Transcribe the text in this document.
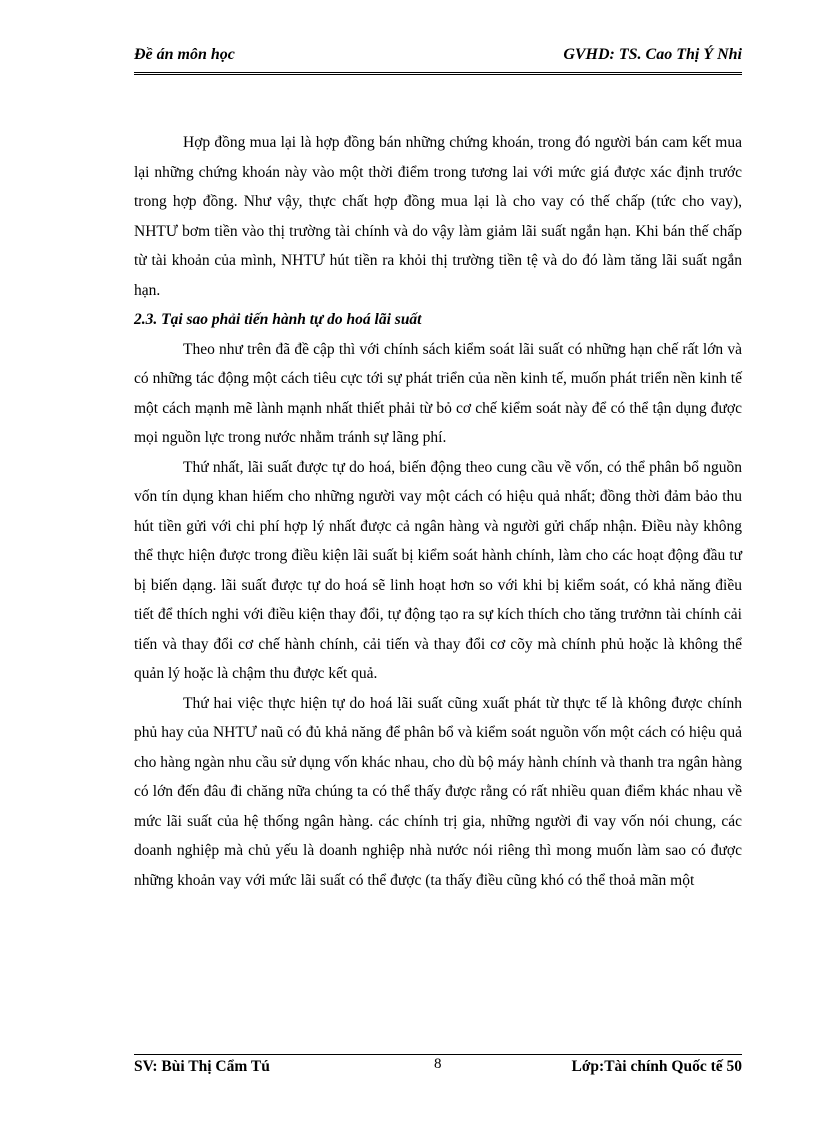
Đề án môn học	GVHD: TS. Cao Thị Ý Nhi

Hợp đồng mua lại là hợp đồng bán những chứng khoán, trong đó người bán cam kết mua lại những chứng khoán này vào một thời điểm trong tương lai với mức giá được xác định trước trong hợp đồng. Như vậy, thực chất hợp đồng mua lại là cho vay có thế chấp (tức cho vay), NHTƯ bơm tiền vào thị trường tài chính và do vậy làm giảm lãi suất ngắn hạn. Khi bán thế chấp từ tài khoản của mình, NHTƯ hút tiền ra khỏi thị trường tiền tệ và do đó làm tăng lãi suất ngắn hạn.

2.3. Tại sao phải tiến hành tự do hoá lãi suất

Theo như trên đã đề cập thì với chính sách kiểm soát lãi suất có những hạn chế rất lớn và có những tác động một cách tiêu cực tới sự phát triển của nền kinh tế, muốn phát triển nền kinh tế một cách mạnh mẽ lành mạnh nhất thiết phải từ bỏ cơ chế kiểm soát này để có thể tận dụng được mọi nguồn lực trong nước nhằm tránh sự lãng phí.

Thứ nhất, lãi suất được tự do hoá, biến động theo cung cầu về vốn, có thể phân bổ nguồn vốn tín dụng khan hiếm cho những người vay một cách có hiệu quả nhất; đồng thời đảm bảo thu hút tiền gửi với chi phí hợp lý nhất được cả ngân hàng và người gửi chấp nhận. Điều này không thể thực hiện được trong điều kiện lãi suất bị kiểm soát hành chính, làm cho các hoạt động đầu tư bị biến dạng. lãi suất được tự do hoá sẽ linh hoạt hơn so với khi bị kiểm soát, có khả năng điều tiết để thích nghi với điều kiện thay đổi, tự động tạo ra sự kích thích cho tăng trưởnn tài chính cải tiến và thay đổi cơ chế hành chính, cải tiến và thay đổi cơ cõy mà chính phủ hoặc là không thể quản lý hoặc là chậm thu được kết quả.

Thứ hai việc thực hiện tự do hoá lãi suất cũng xuất phát từ thực tế là không được chính phủ hay của NHTƯ naũ có đủ khả năng để phân bổ và kiểm soát nguồn vốn một cách có hiệu quả cho hàng ngàn nhu cầu sử dụng vốn khác nhau, cho dù bộ máy hành chính và thanh tra ngân hàng có lớn đến đâu đi chăng nữa chúng ta có thể thấy được rằng có rất nhiều quan điểm khác nhau về mức lãi suất của hệ thống ngân hàng. các chính trị gia, những người đi vay vốn nói chung, các doanh nghiệp mà chủ yếu là doanh nghiệp nhà nước nói riêng thì mong muốn làm sao có được những khoản vay với mức lãi suất có thể được (ta thấy điều cũng khó có thể thoả mãn một

SV: Bùi Thị Cẩm Tú	8	Lớp:Tài chính Quốc tế 50
